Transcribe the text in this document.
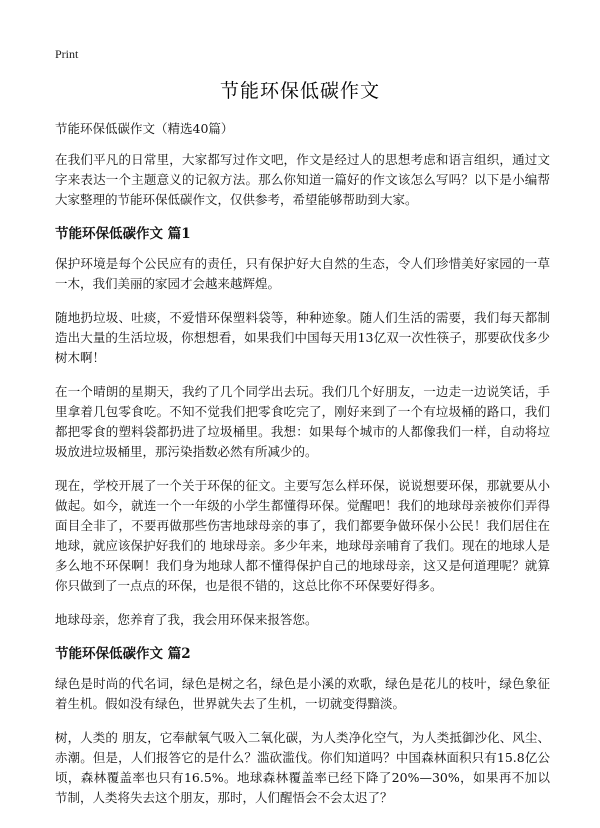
Print
节能环保低碳作文
节能环保低碳作文（精选40篇）

在我们平凡的日常里，大家都写过作文吧，作文是经过人的思想考虑和语言组织，通过文字来表达一个主题意义的记叙方法。那么你知道一篇好的作文该怎么写吗？以下是小编帮大家整理的节能环保低碳作文，仅供参考，希望能够帮助到大家。

节能环保低碳作文 篇1

保护环境是每个公民应有的责任，只有保护好大自然的生态，令人们珍惜美好家园的一草一木，我们美丽的家园才会越来越辉煌。

随地扔垃圾、吐痰，不爱惜环保塑料袋等，种种迹象。随人们生活的需要，我们每天都制造出大量的生活垃圾，你想想看，如果我们中国每天用13亿双一次性筷子，那要砍伐多少树木啊！

在一个晴朗的星期天，我约了几个同学出去玩。我们几个好朋友，一边走一边说笑话，手里拿着几包零食吃。不知不觉我们把零食吃完了，刚好来到了一个有垃圾桶的路口，我们都把零食的塑料袋都扔进了垃圾桶里。我想：如果每个城市的人都像我们一样，自动将垃圾放进垃圾桶里，那污染指数必然有所减少的。

现在，学校开展了一个关于环保的征文。主要写怎么样环保，说说想要环保，那就要从小做起。如今，就连一个一年级的小学生都懂得环保。觉醒吧！我们的地球母亲被你们弄得面目全非了，不要再做那些伤害地球母亲的事了，我们都要争做环保小公民！我们居住在地球，就应该保护好我们的 地球母亲。多少年来，地球母亲哺育了我们。现在的地球人是多么地不环保啊！我们身为地球人都不懂得保护自己的地球母亲，这又是何道理呢？就算你只做到了一点点的环保，也是很不错的，这总比你不环保要好得多。

地球母亲，您养育了我，我会用环保来报答您。

节能环保低碳作文 篇2

绿色是时尚的代名词，绿色是树之名，绿色是小溪的欢歌，绿色是花儿的枝叶，绿色象征着生机。假如没有绿色，世界就失去了生机，一切就变得黯淡。

树，人类的 朋友，它奉献氧气吸入二氧化碳，为人类净化空气，为人类抵御沙化、风尘、赤潮。但是，人们报答它的是什么？滥砍滥伐。你们知道吗？中国森林面积只有15.8亿公顷，森林覆盖率也只有16.5%。地球森林覆盖率已经下降了20%—30%，如果再不加以节制，人类将失去这个朋友，那时，人们醒悟会不会太迟了？
